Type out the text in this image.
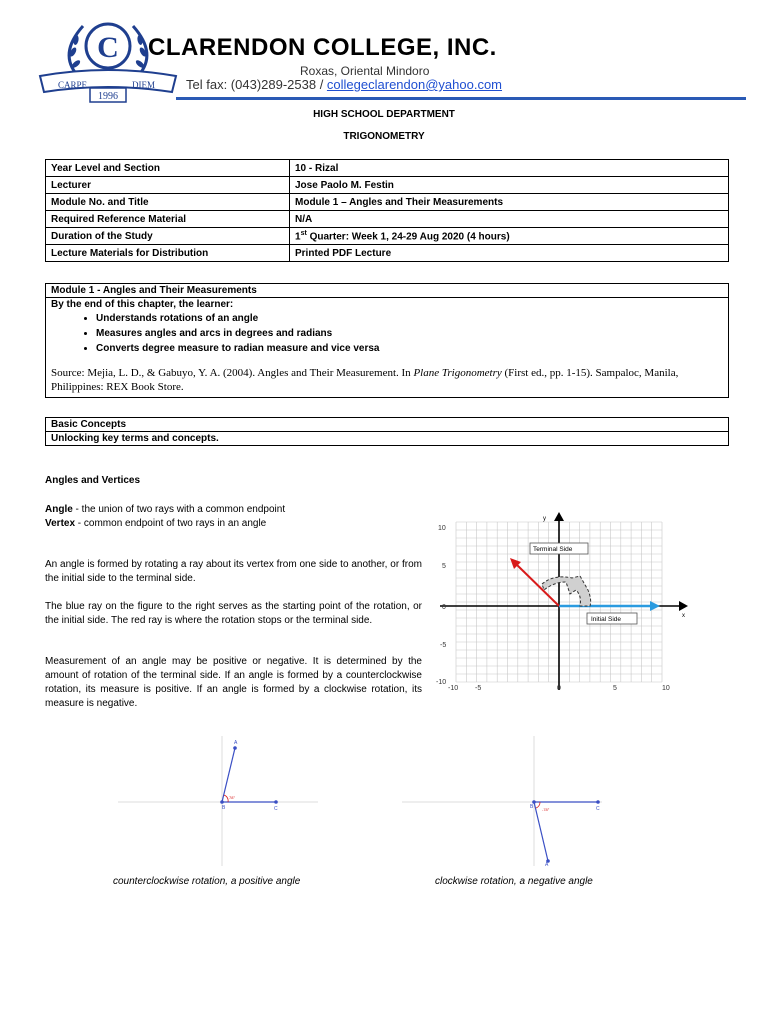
C
CARPE	DIEM
1996
CLARENDON COLLEGE, INC.
Roxas, Oriental Mindoro
Tel fax: (043)289-2538 / collegeclarendon@yahoo.com
HIGH SCHOOL DEPARTMENT
TRIGONOMETRY
Year Level and Section	10 - Rizal
Lecturer	Jose Paolo M. Festin
Module No. and Title	Module 1 – Angles and Their Measurements
Required Reference Material	N/A
Duration of the Study	1st Quarter: Week 1, 24-29 Aug 2020 (4 hours)
Lecture Materials for Distribution	Printed PDF Lecture
Module 1 - Angles and Their Measurements
By the end of this chapter, the learner:
• Understands rotations of an angle
• Measures angles and arcs in degrees and radians
• Converts degree measure to radian measure and vice versa
Source: Mejia, L. D., & Gabuyo, Y. A. (2004). Angles and Their Measurement. In Plane Trigonometry (First ed., pp. 1-15). Sampaloc, Manila, Philippines: REX Book Store.
Basic Concepts
Unlocking key terms and concepts.
Angles and Vertices
Angle - the union of two rays with a common endpoint
Vertex - common endpoint of two rays in an angle
An angle is formed by rotating a ray about its vertex from one side to another, or from the initial side to the terminal side.
The blue ray on the figure to the right serves as the starting point of the rotation, or the initial side. The red ray is where the rotation stops or the terminal side.
Measurement of an angle may be positive or negative. It is determined by the amount of rotation of the terminal side. If an angle is formed by a counterclockwise rotation, its measure is positive. If an angle is formed by a clockwise rotation, its measure is negative.
y
x
-10 -5	0	5	10
10
5
0
-5
-10
Terminal Side
Initial Side
A
B	C
78°
counterclockwise rotation, a positive angle
A
B	C
-78°
clockwise rotation, a negative angle
